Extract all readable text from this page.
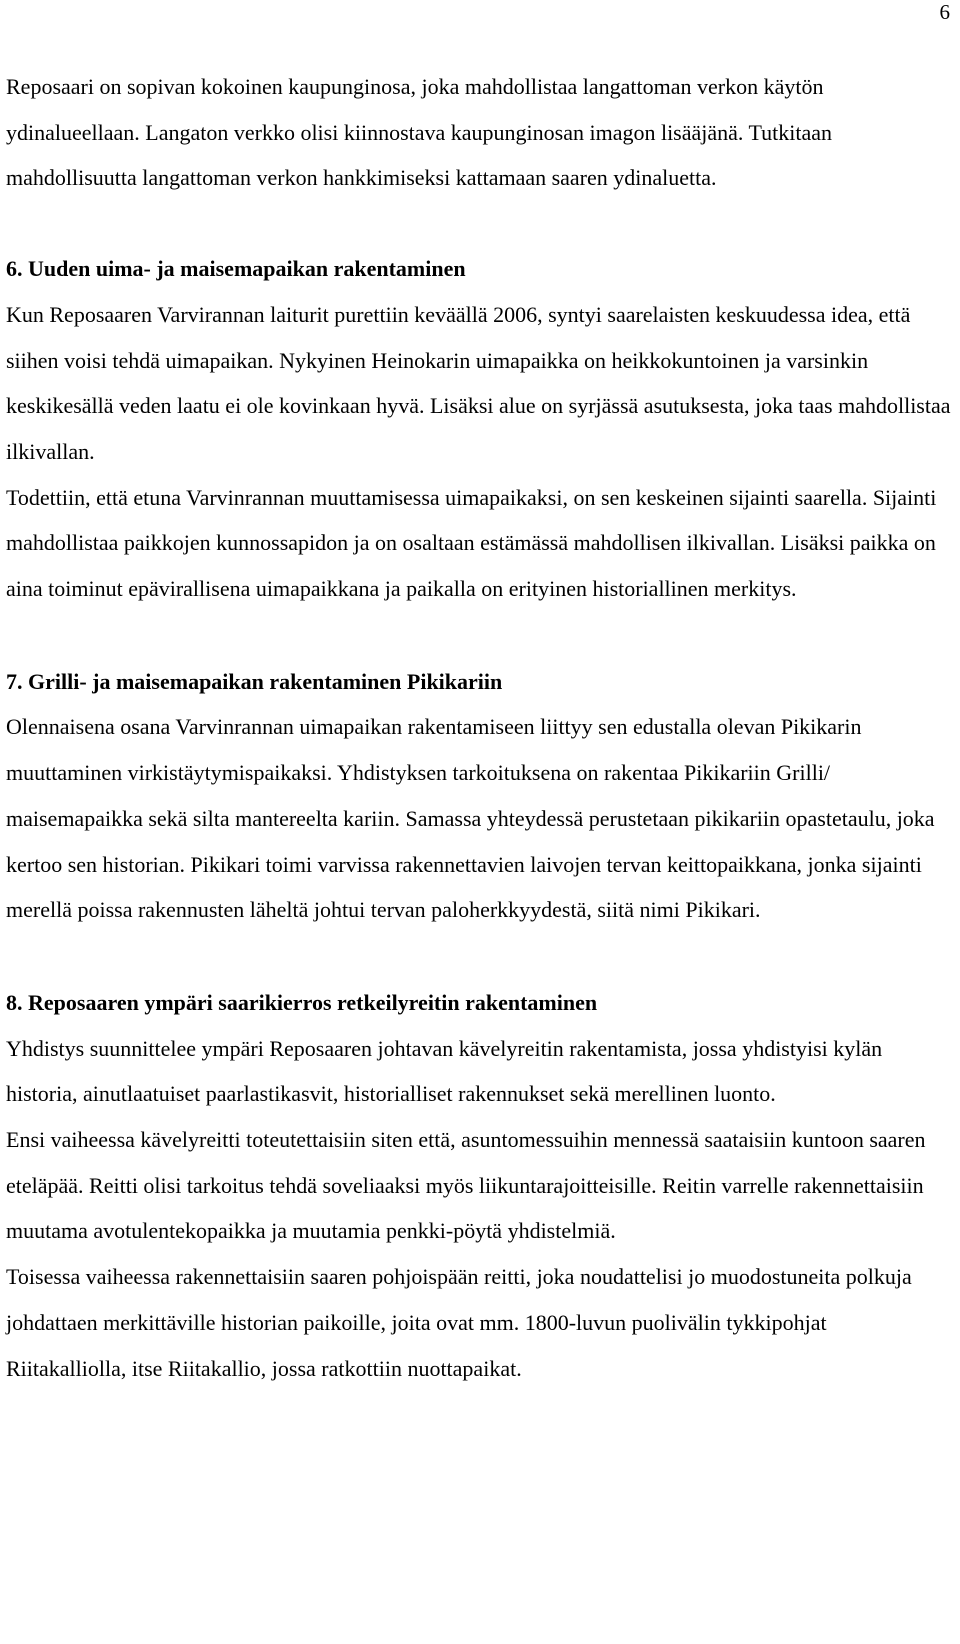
6

Reposaari on sopivan kokoinen kaupunginosa, joka mahdollistaa langattoman verkon käytön ydinalueellaan. Langaton verkko olisi kiinnostava kaupunginosan imagon lisääjänä. Tutkitaan mahdollisuutta langattoman verkon hankkimiseksi kattamaan saaren ydinaluetta.

6. Uuden uima- ja maisemapaikan rakentaminen

Kun Reposaaren Varvirannan laiturit purettiin keväällä 2006, syntyi saarelaisten keskuudessa idea, että siihen voisi tehdä uimapaikan. Nykyinen Heinokarin uimapaikka on heikkokuntoinen ja varsinkin keskikesällä veden laatu ei ole kovinkaan hyvä. Lisäksi alue on syrjässä asutuksesta, joka taas mahdollistaa ilkivallan.

Todettiin, että etuna Varvinrannan muuttamisessa uimapaikaksi, on sen keskeinen sijainti saarella. Sijainti mahdollistaa paikkojen kunnossapidon ja on osaltaan estämässä mahdollisen ilkivallan. Lisäksi paikka on aina toiminut epävirallisena uimapaikkana ja paikalla on erityinen historiallinen merkitys.

7. Grilli- ja maisemapaikan rakentaminen Pikikariin

Olennaisena osana Varvinrannan uimapaikan rakentamiseen liittyy sen edustalla olevan Pikikarin muuttaminen virkistäytymispaikaksi. Yhdistyksen tarkoituksena on rakentaa Pikikariin Grilli/ maisemapaikka sekä silta mantereelta kariin. Samassa yhteydessä perustetaan pikikariin opastetaulu, joka kertoo sen historian. Pikikari toimi varvissa rakennettavien laivojen tervan keittopaikkana, jonka sijainti merellä poissa rakennusten läheltä johtui tervan paloherkkyydestä, siitä nimi Pikikari.

8. Reposaaren ympäri saarikierros retkeilyreitin rakentaminen

Yhdistys suunnittelee ympäri Reposaaren johtavan kävelyreitin rakentamista, jossa yhdistyisi kylän historia, ainutlaatuiset paarlastikasvit, historialliset rakennukset sekä merellinen luonto.

Ensi vaiheessa kävelyreitti toteutettaisiin siten että, asuntomessuihin mennessä saataisiin kuntoon saaren eteläpää. Reitti olisi tarkoitus tehdä soveliaaksi myös liikuntarajoitteisille. Reitin varrelle rakennettaisiin muutama avotulentekopaikka ja muutamia penkki-pöytä yhdistelmiä.

Toisessa vaiheessa rakennettaisiin saaren pohjoispään reitti, joka noudattelisi jo muodostuneita polkuja johdattaen merkittäville historian paikoille, joita ovat mm. 1800-luvun puolivälin tykkipohjat Riitakalliolla, itse Riitakallio, jossa ratkottiin nuottapaikat.
